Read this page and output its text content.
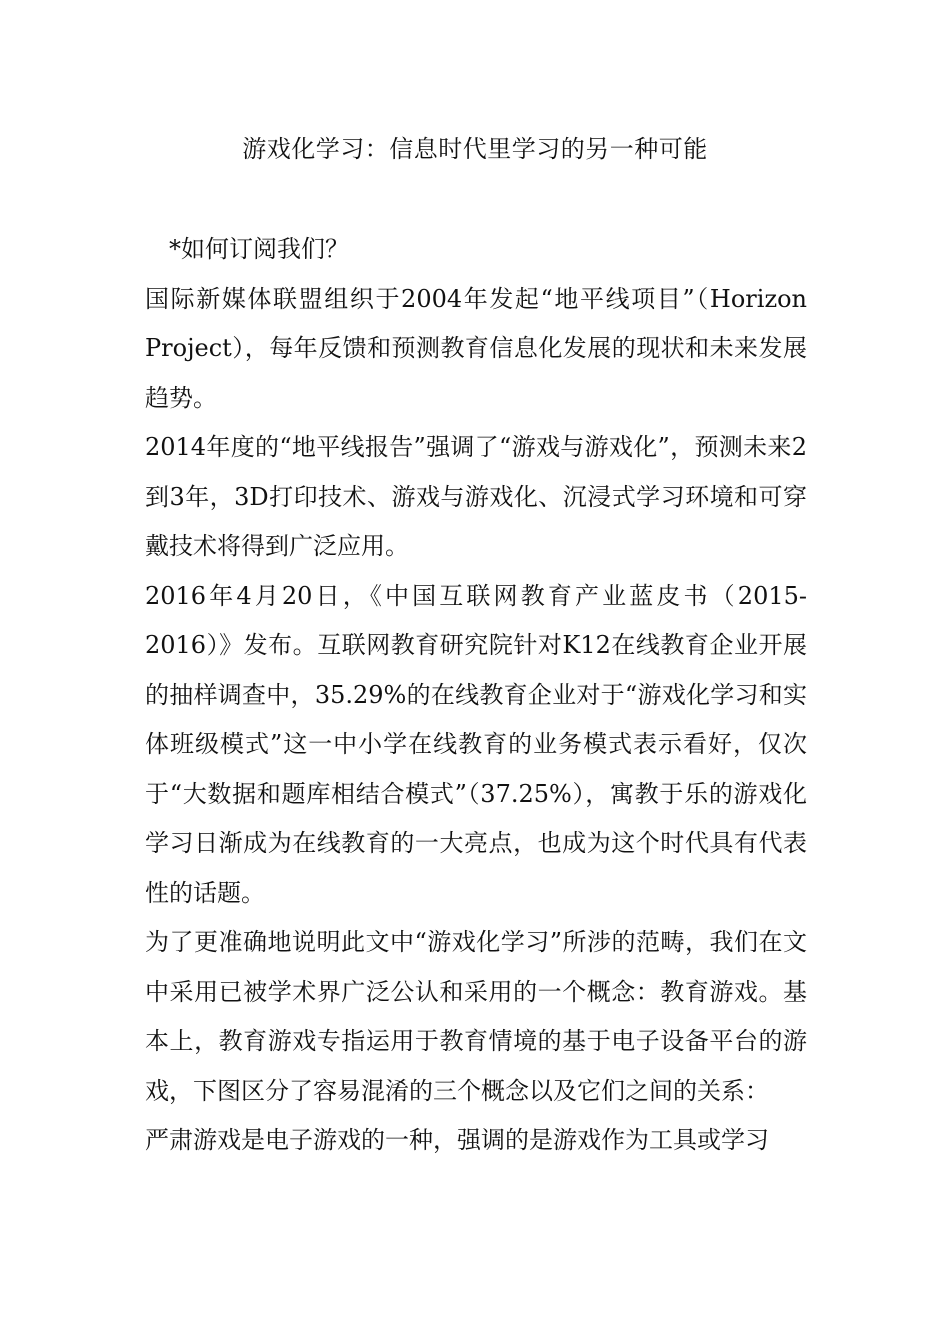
游戏化学习：信息时代里学习的另一种可能

*如何订阅我们？

国际新媒体联盟组织于2004年发起“地平线项目”（Horizon Project），每年反馈和预测教育信息化发展的现状和未来发展趋势。

2014年度的“地平线报告”强调了“游戏与游戏化”，预测未来2到3年，3D打印技术、游戏与游戏化、沉浸式学习环境和可穿戴技术将得到广泛应用。

2016年4月20日，《中国互联网教育产业蓝皮书（2015-2016）》发布。互联网教育研究院针对K12在线教育企业开展的抽样调查中，35.29%的在线教育企业对于“游戏化学习和实体班级模式”这一中小学在线教育的业务模式表示看好，仅次于“大数据和题库相结合模式”（37.25%），寓教于乐的游戏化学习日渐成为在线教育的一大亮点，也成为这个时代具有代表性的话题。

为了更准确地说明此文中“游戏化学习”所涉的范畴，我们在文中采用已被学术界广泛公认和采用的一个概念：教育游戏。基本上，教育游戏专指运用于教育情境的基于电子设备平台的游戏，下图区分了容易混淆的三个概念以及它们之间的关系：

严肃游戏是电子游戏的一种，强调的是游戏作为工具或学习
